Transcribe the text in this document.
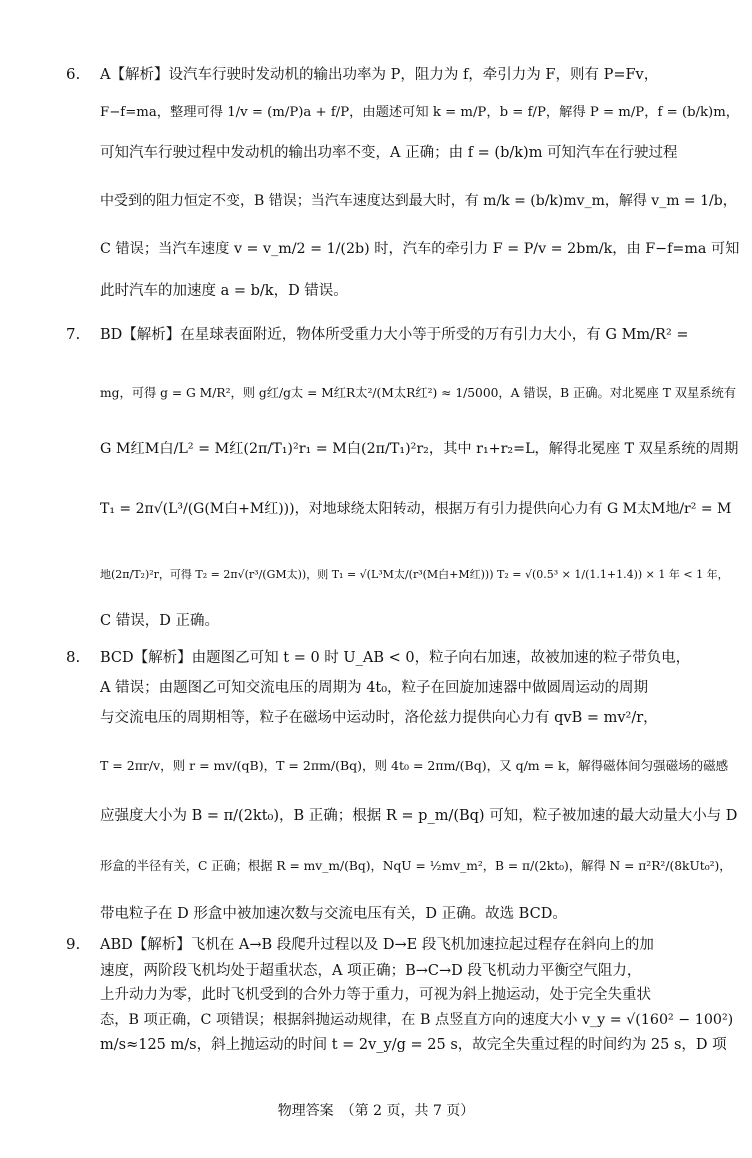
6. A【解析】设汽车行驶时发动机的输出功率为 P，阻力为 f，牵引力为 F，则有 P=Fv，
F−f=ma，整理可得 1/v = (m/P)a + f/P，由题述可知 k = m/P，b = f/P，解得 P = m/P，f = (b/k)m，
可知汽车行驶过程中发动机的输出功率不变，A 正确；由 f = (b/k)m 可知汽车在行驶过程
中受到的阻力恒定不变，B 错误；当汽车速度达到最大时，有 m/k = (b/k)mv_m，解得 v_m = 1/b，
C 错误；当汽车速度 v = v_m/2 = 1/(2b) 时，汽车的牵引力 F = P/v = 2bm/k，由 F−f=ma 可知
此时汽车的加速度 a = b/k，D 错误。
7. BD【解析】在星球表面附近，物体所受重力大小等于所受的万有引力大小，有 G Mm/R² =
mg，可得 g = G M/R²，则 g红/g太 = M红R太²/(M太R红²) ≈ 1/5000，A 错误，B 正确。对北冕座 T 双星系统有
G M红M白/L² = M红(2π/T₁)²r₁ = M白(2π/T₁)²r₂，其中 r₁+r₂=L，解得北冕座 T 双星系统的周期
T₁ = 2π√(L³/(G(M白+M红)))，对地球绕太阳转动，根据万有引力提供向心力有 G M太M地/r² = M
地(2π/T₂)²r，可得 T₂ = 2π√(r³/(GM太))，则 T₁ = √(L³M太/(r³(M白+M红))) T₂ = √(0.5³ × 1/(1.1+1.4)) × 1 年 < 1 年，
C 错误，D 正确。
8. BCD【解析】由题图乙可知 t = 0 时 U_AB < 0，粒子向右加速，故被加速的粒子带负电，
A 错误；由题图乙可知交流电压的周期为 4t₀，粒子在回旋加速器中做圆周运动的周期
与交流电压的周期相等，粒子在磁场中运动时，洛伦兹力提供向心力有 qvB = mv²/r，
T = 2πr/v，则 r = mv/(qB)，T = 2πm/(Bq)，则 4t₀ = 2πm/(Bq)，又 q/m = k，解得磁体间匀强磁场的磁感
应强度大小为 B = π/(2kt₀)，B 正确；根据 R = p_m/(Bq) 可知，粒子被加速的最大动量大小与 D
形盒的半径有关，C 正确；根据 R = mv_m/(Bq)，NqU = ½mv_m²，B = π/(2kt₀)，解得 N = π²R²/(8kUt₀²)，
带电粒子在 D 形盒中被加速次数与交流电压有关，D 正确。故选 BCD。
9. ABD【解析】飞机在 A→B 段爬升过程以及 D→E 段飞机加速拉起过程存在斜向上的加
速度，两阶段飞机均处于超重状态，A 项正确；B→C→D 段飞机动力平衡空气阻力，
上升动力为零，此时飞机受到的合外力等于重力，可视为斜上抛运动，处于完全失重状
态，B 项正确，C 项错误；根据斜抛运动规律，在 B 点竖直方向的速度大小 v_y = √(160² − 100²)
m/s≈125 m/s，斜上抛运动的时间 t = 2v_y/g = 25 s，故完全失重过程的时间约为 25 s，D 项
物理答案　（第 2 页，共 7 页）
